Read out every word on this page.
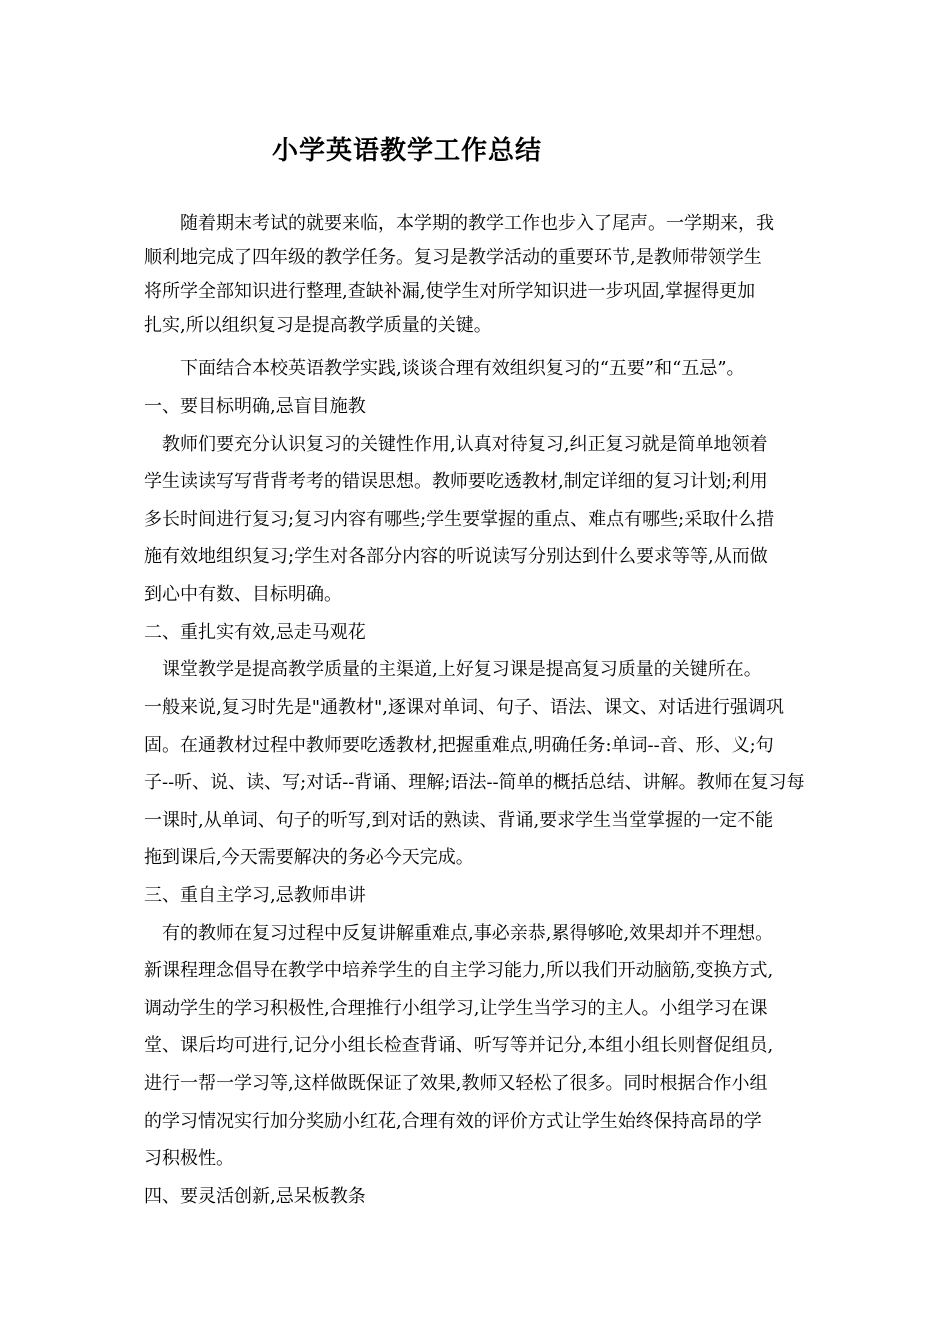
小学英语教学工作总结
　　随着期末考试的就要来临，本学期的教学工作也步入了尾声。一学期来，我
顺利地完成了四年级的教学任务。复习是教学活动的重要环节,是教师带领学生
将所学全部知识进行整理,查缺补漏,使学生对所学知识进一步巩固,掌握得更加
扎实,所以组织复习是提高教学质量的关键。
　　下面结合本校英语教学实践,谈谈合理有效组织复习的“五要”和“五忌”。
一、要目标明确,忌盲目施教
　教师们要充分认识复习的关键性作用,认真对待复习,纠正复习就是简单地领着
学生读读写写背背考考的错误思想。教师要吃透教材,制定详细的复习计划;利用
多长时间进行复习;复习内容有哪些;学生要掌握的重点、难点有哪些;采取什么措
施有效地组织复习;学生对各部分内容的听说读写分别达到什么要求等等,从而做
到心中有数、目标明确。
二、重扎实有效,忌走马观花
　课堂教学是提高教学质量的主渠道,上好复习课是提高复习质量的关键所在。
一般来说,复习时先是"通教材",逐课对单词、句子、语法、课文、对话进行强调巩
固。在通教材过程中教师要吃透教材,把握重难点,明确任务:单词--音、形、义;句
子--听、说、读、写;对话--背诵、理解;语法--简单的概括总结、讲解。教师在复习每
一课时,从单词、句子的听写,到对话的熟读、背诵,要求学生当堂掌握的一定不能
拖到课后,今天需要解决的务必今天完成。
三、重自主学习,忌教师串讲
　有的教师在复习过程中反复讲解重难点,事必亲恭,累得够呛,效果却并不理想。
新课程理念倡导在教学中培养学生的自主学习能力,所以我们开动脑筋,变换方式,
调动学生的学习积极性,合理推行小组学习,让学生当学习的主人。小组学习在课
堂、课后均可进行,记分小组长检查背诵、听写等并记分,本组小组长则督促组员,
进行一帮一学习等,这样做既保证了效果,教师又轻松了很多。同时根据合作小组
的学习情况实行加分奖励小红花,合理有效的评价方式让学生始终保持高昂的学
习积极性。
四、要灵活创新,忌呆板教条
